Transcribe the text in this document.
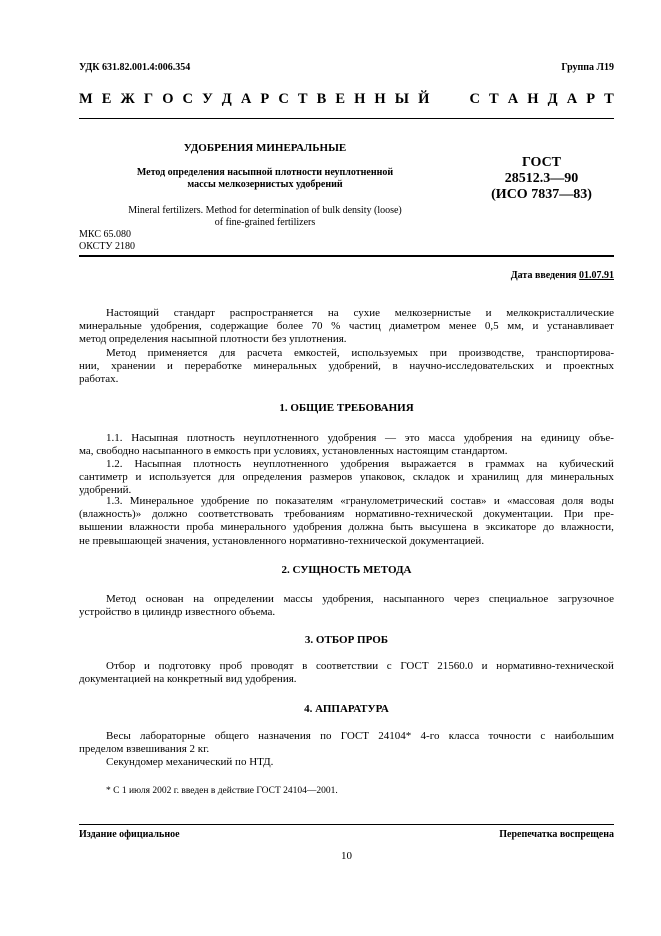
УДК 631.82.001.4:006.354	Группа Л19
М Е Ж Г О С У Д А Р С Т В Е Н Н Ы Й	С Т А Н Д А Р Т
УДОБРЕНИЯ МИНЕРАЛЬНЫЕ
Метод определения насыпной плотности неуплотненной
массы мелкозернистых удобрений
Mineral fertilizers. Method for determination of bulk density (loose)
of fine-grained fertilizers
ГОСТ
28512.3—90
(ИСО 7837—83)
МКС 65.080
ОКСТУ 2180
Дата введения 01.07.91
Настоящий стандарт распространяется на сухие мелкозернистые и мелкокристаллические
минеральные удобрения, содержащие более 70 % частиц диаметром менее 0,5 мм, и устанавливает
метод определения насыпной плотности без уплотнения.
Метод применяется для расчета емкостей, используемых при производстве, транспортирова-
нии, хранении и переработке минеральных удобрений, в научно-исследовательских и проектных
работах.
1. ОБЩИЕ ТРЕБОВАНИЯ
1.1. Насыпная плотность неуплотненного удобрения — это масса удобрения на единицу объе-
ма, свободно насыпанного в емкость при условиях, установленных настоящим стандартом.
1.2. Насыпная плотность неуплотненного удобрения выражается в граммах на кубический
сантиметр и используется для определения размеров упаковок, складок и хранилищ для минеральных
удобрений.
1.3. Минеральное удобрение по показателям «гранулометрический состав» и «массовая доля воды
(влажность)» должно соответствовать требованиям нормативно-технической документации. При пре-
вышении влажности проба минерального удобрения должна быть высушена в эксикаторе до влажности,
не превышающей значения, установленного нормативно-технической документацией.
2. СУЩНОСТЬ МЕТОДА
Метод основан на определении массы удобрения, насыпанного через специальное загрузочное
устройство в цилиндр известного объема.
3. ОТБОР ПРОБ
Отбор и подготовку проб проводят в соответствии с ГОСТ 21560.0 и нормативно-технической
документацией на конкретный вид удобрения.
4. АППАРАТУРА
Весы лабораторные общего назначения по ГОСТ 24104* 4-го класса точности с наибольшим
пределом взвешивания 2 кг.
Секундомер механический по НТД.
* С 1 июля 2002 г. введен в действие ГОСТ 24104—2001.
Издание официальное	Перепечатка воспрещена
10
